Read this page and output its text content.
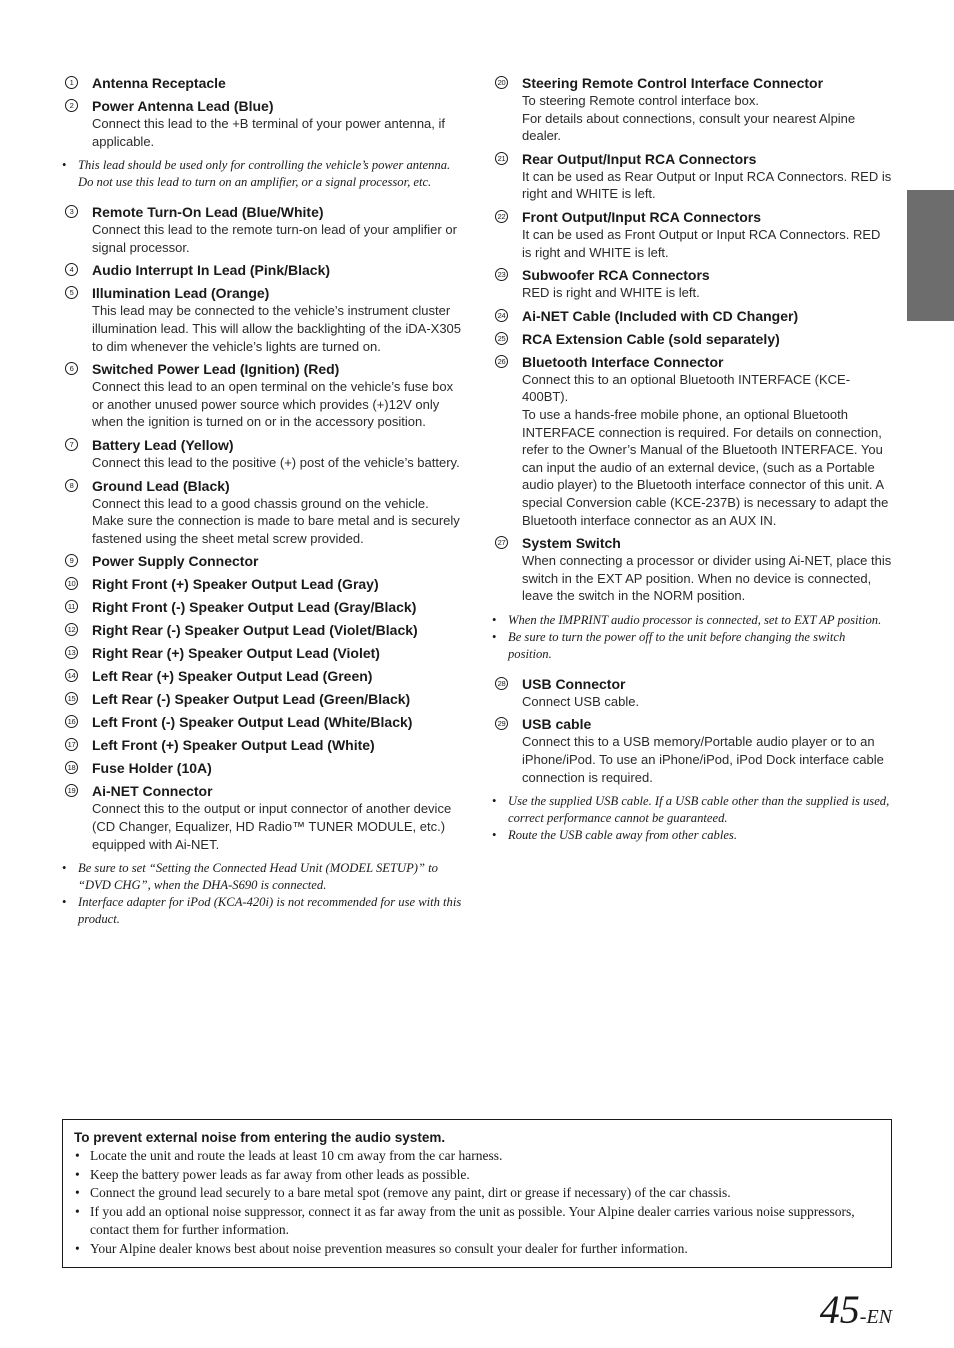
1	Antenna Receptacle
2	Power Antenna Lead (Blue)
Connect this lead to the +B terminal of your power antenna, if applicable.
• This lead should be used only for controlling the vehicle’s power antenna. Do not use this lead to turn on an amplifier, or a signal processor, etc.
3	Remote Turn-On Lead (Blue/White)
Connect this lead to the remote turn-on lead of your amplifier or signal processor.
4	Audio Interrupt In Lead (Pink/Black)
5	Illumination Lead (Orange)
This lead may be connected to the vehicle’s instrument cluster illumination lead. This will allow the backlighting of the iDA-X305 to dim whenever the vehicle’s lights are turned on.
6	Switched Power Lead (Ignition) (Red)
Connect this lead to an open terminal on the vehicle’s fuse box or another unused power source which provides (+)12V only when the ignition is turned on or in the accessory position.
7	Battery Lead (Yellow)
Connect this lead to the positive (+) post of the vehicle’s battery.
8	Ground Lead (Black)
Connect this lead to a good chassis ground on the vehicle. Make sure the connection is made to bare metal and is securely fastened using the sheet metal screw provided.
9	Power Supply Connector
10 Right Front (+) Speaker Output Lead (Gray)
11 Right Front (-) Speaker Output Lead (Gray/Black)
12 Right Rear (-) Speaker Output Lead (Violet/Black)
13 Right Rear (+) Speaker Output Lead (Violet)
14 Left Rear (+) Speaker Output Lead (Green)
15 Left Rear (-) Speaker Output Lead (Green/Black)
16 Left Front (-) Speaker Output Lead (White/Black)
17 Left Front (+) Speaker Output Lead (White)
18 Fuse Holder (10A)
19 Ai-NET Connector
Connect this to the output or input connector of another device (CD Changer, Equalizer, HD Radio™ TUNER MODULE, etc.) equipped with Ai-NET.
• Be sure to set “Setting the Connected Head Unit (MODEL SETUP)” to “DVD CHG”, when the DHA-S690 is connected.
• Interface adapter for iPod (KCA-420i) is not recommended for use with this product.
20 Steering Remote Control Interface Connector
To steering Remote control interface box.
For details about connections, consult your nearest Alpine dealer.
21 Rear Output/Input RCA Connectors
It can be used as Rear Output or Input RCA Connectors. RED is right and WHITE is left.
22 Front Output/Input RCA Connectors
It can be used as Front Output or Input RCA Connectors. RED is right and WHITE is left.
23 Subwoofer RCA Connectors
RED is right and WHITE is left.
24 Ai-NET Cable (Included with CD Changer)
25 RCA Extension Cable (sold separately)
26 Bluetooth Interface Connector
Connect this to an optional Bluetooth INTERFACE (KCE-400BT).
To use a hands-free mobile phone, an optional Bluetooth INTERFACE connection is required. For details on connection, refer to the Owner’s Manual of the Bluetooth INTERFACE. You can input the audio of an external device, (such as a Portable audio player) to the Bluetooth interface connector of this unit. A special Conversion cable (KCE-237B) is necessary to adapt the Bluetooth interface connector as an AUX IN.
27 System Switch
When connecting a processor or divider using Ai-NET, place this switch in the EXT AP position. When no device is connected, leave the switch in the NORM position.
• When the IMPRINT audio processor is connected, set to EXT AP position.
• Be sure to turn the power off to the unit before changing the switch position.
28 USB Connector
Connect USB cable.
29 USB cable
Connect this to a USB memory/Portable audio player or to an iPhone/iPod. To use an iPhone/iPod, iPod Dock interface cable connection is required.
• Use the supplied USB cable. If a USB cable other than the supplied is used, correct performance cannot be guaranteed.
• Route the USB cable away from other cables.
To prevent external noise from entering the audio system.
• Locate the unit and route the leads at least 10 cm away from the car harness.
• Keep the battery power leads as far away from other leads as possible.
• Connect the ground lead securely to a bare metal spot (remove any paint, dirt or grease if necessary) of the car chassis.
• If you add an optional noise suppressor, connect it as far away from the unit as possible. Your Alpine dealer carries various noise suppressors, contact them for further information.
• Your Alpine dealer knows best about noise prevention measures so consult your dealer for further information.
45-EN
